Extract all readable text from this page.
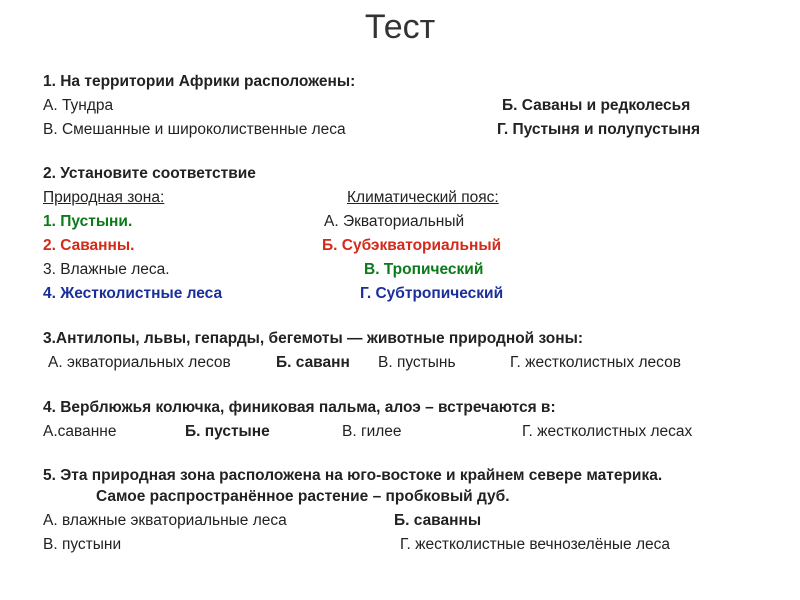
Тест
1. На территории Африки расположены:
А. Тундра	Б. Саваны и редколесья
В. Смешанные и широколиственные леса	Г. Пустыня и полупустыня
2. Установите соответствие
Природная зона:	Климатический пояс:
1. Пустыни.	А. Экваториальный
2. Саванны.	Б. Субэкваториальный
3. Влажные леса.	В. Тропический
4. Жестколистные леса	Г. Субтропический
3.Антилопы, львы, гепарды, бегемоты — животные природной зоны:
А. экваториальных лесов	Б. саванн В. пустынь	Г. жестколистных лесов
4. Верблюжья колючка, финиковая пальма, алоэ – встречаются в:
А.саванне	Б. пустыне	В. гилее	Г. жестколистных лесах
5. Эта природная зона расположена на юго-востоке и крайнем севере материка.
Самое распространённое растение – пробковый дуб.
А. влажные экваториальные леса	Б. саванны
В. пустыни	Г. жестколистные вечнозелёные леса
